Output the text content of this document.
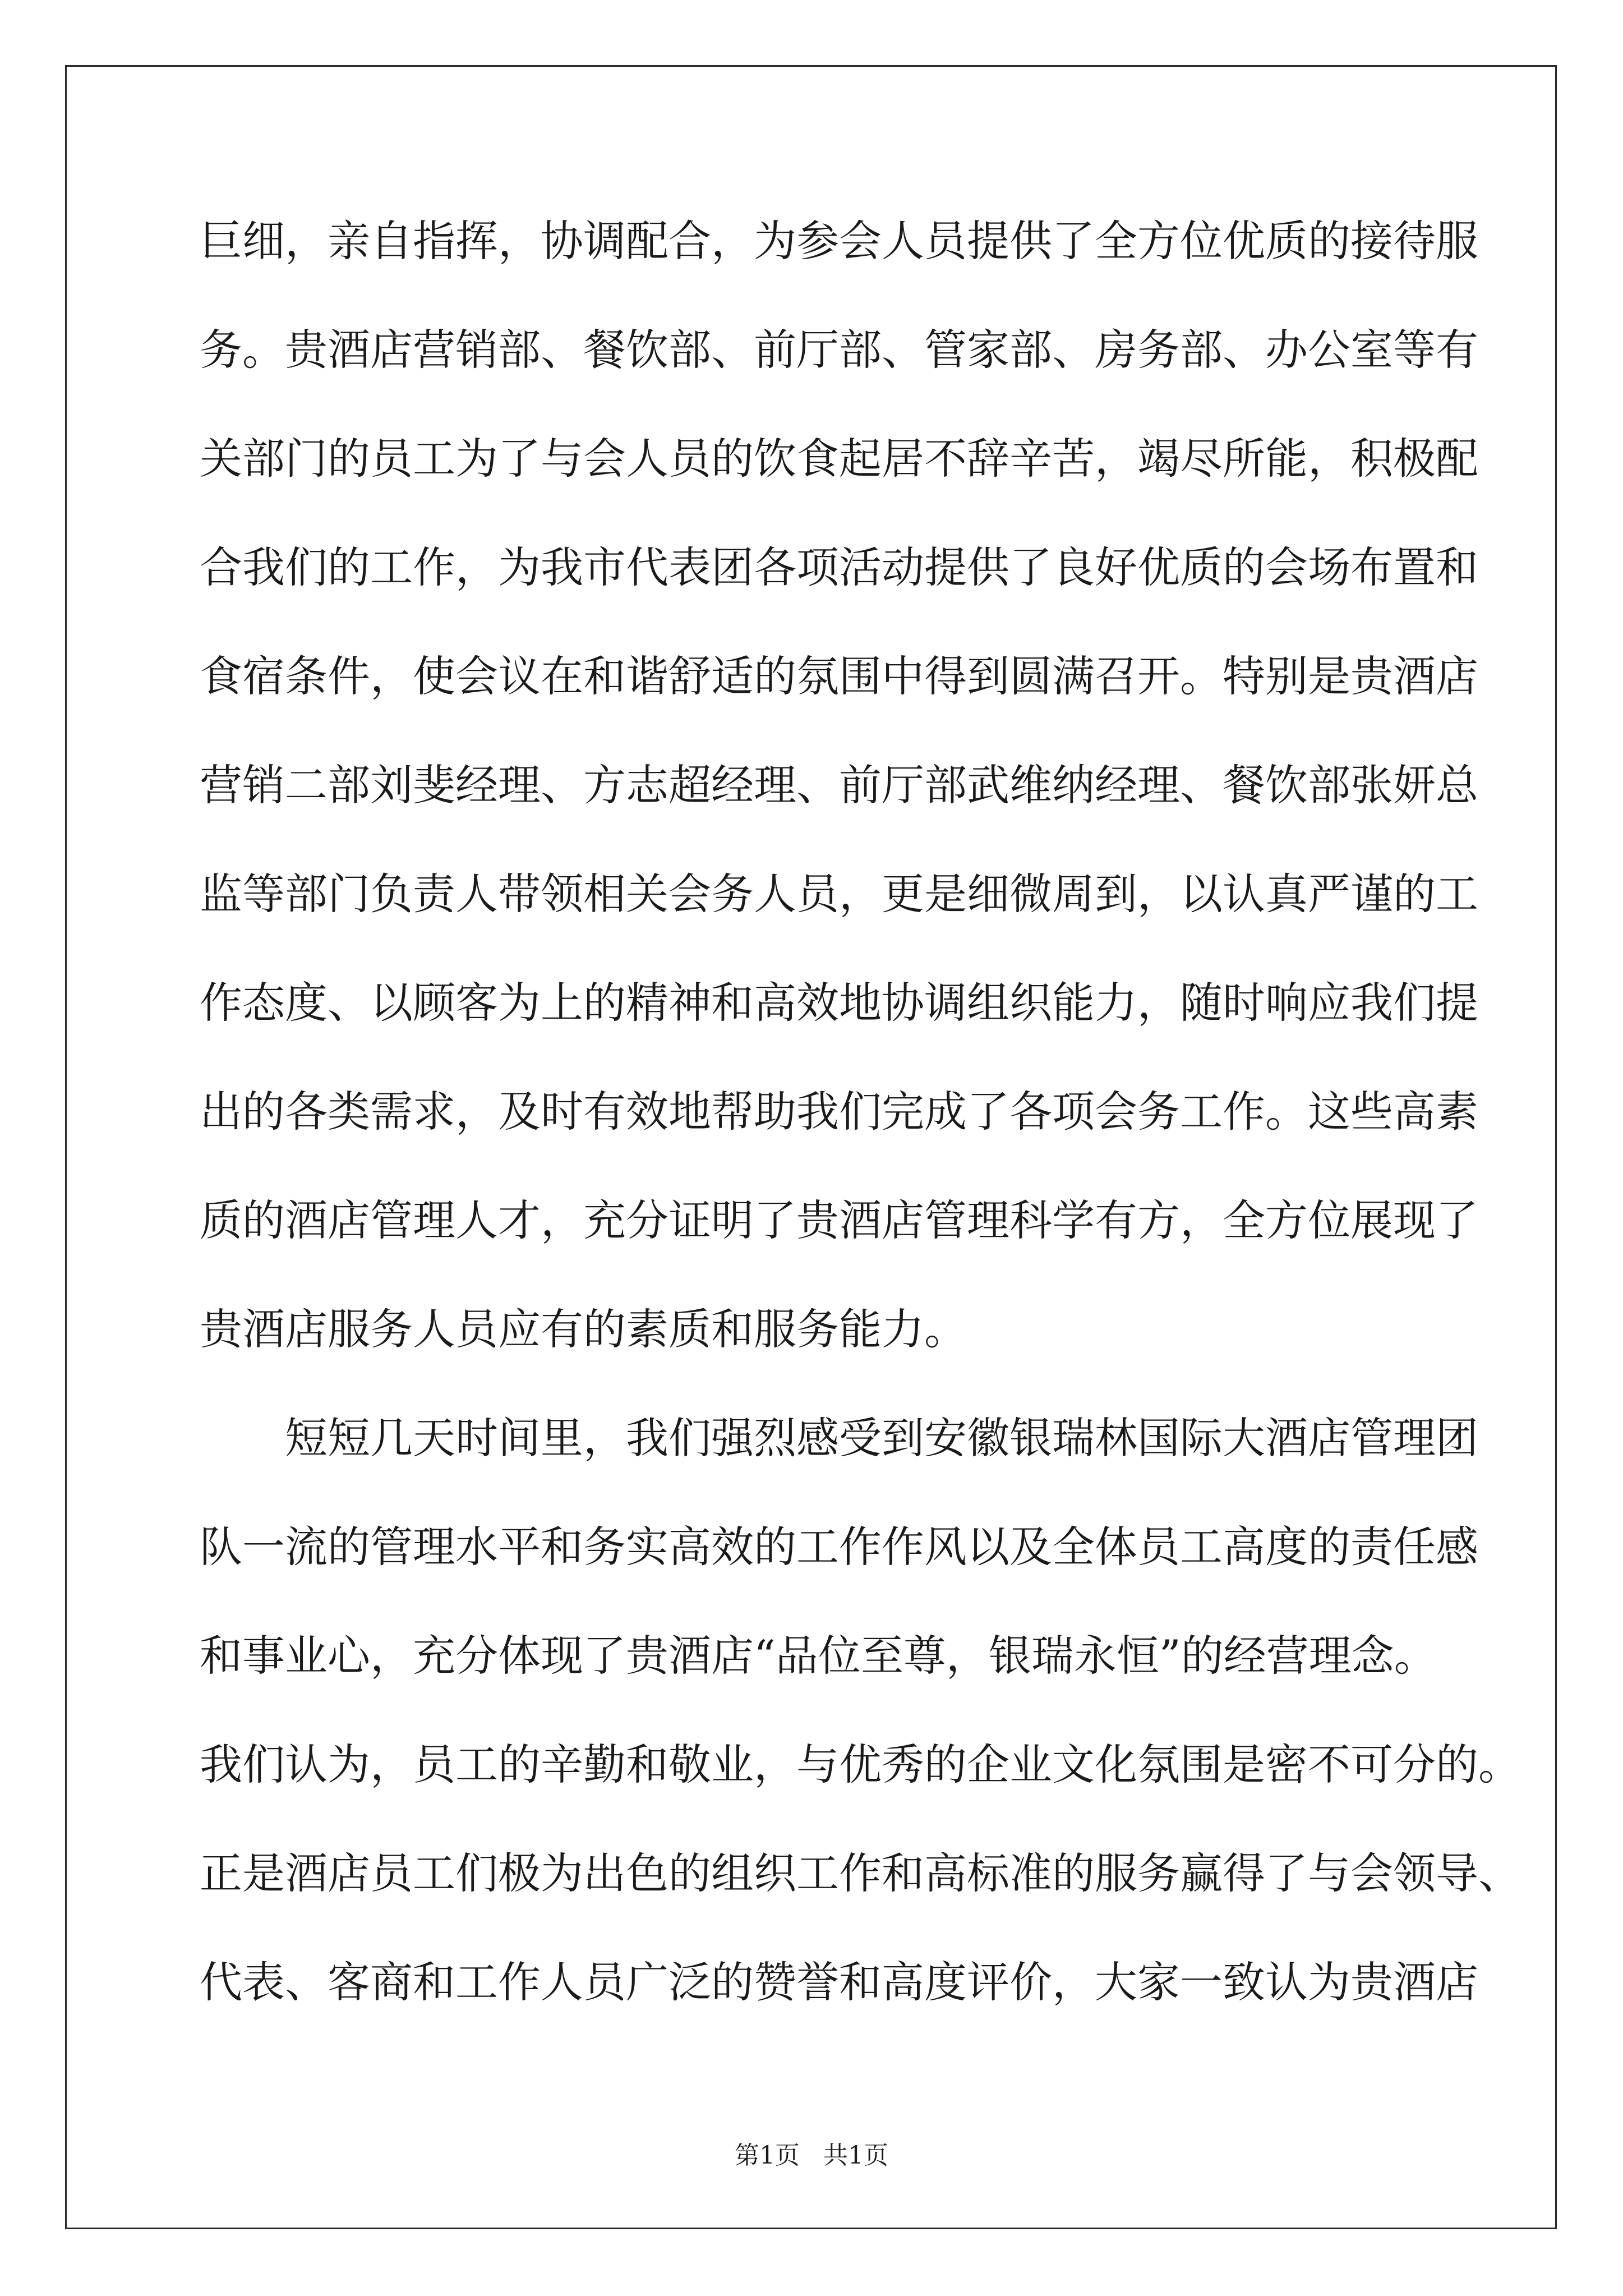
巨细，亲自指挥，协调配合，为参会人员提供了全方位优质的接待服
务。贵酒店营销部、餐饮部、前厅部、管家部、房务部、办公室等有
关部门的员工为了与会人员的饮食起居不辞辛苦，竭尽所能，积极配
合我们的工作，为我市代表团各项活动提供了良好优质的会场布置和
食宿条件，使会议在和谐舒适的氛围中得到圆满召开。特别是贵酒店
营销二部刘斐经理、方志超经理、前厅部武维纳经理、餐饮部张妍总
监等部门负责人带领相关会务人员，更是细微周到，以认真严谨的工
作态度、以顾客为上的精神和高效地协调组织能力，随时响应我们提
出的各类需求，及时有效地帮助我们完成了各项会务工作。这些高素
质的酒店管理人才，充分证明了贵酒店管理科学有方，全方位展现了
贵酒店服务人员应有的素质和服务能力。
短短几天时间里，我们强烈感受到安徽银瑞林国际大酒店管理团
队一流的管理水平和务实高效的工作作风以及全体员工高度的责任感
和事业心，充分体现了贵酒店“品位至尊，银瑞永恒”的经营理念。
我们认为，员工的辛勤和敬业，与优秀的企业文化氛围是密不可分的。
正是酒店员工们极为出色的组织工作和高标准的服务赢得了与会领导、
代表、客商和工作人员广泛的赞誉和高度评价，大家一致认为贵酒店
第1页   共1页
